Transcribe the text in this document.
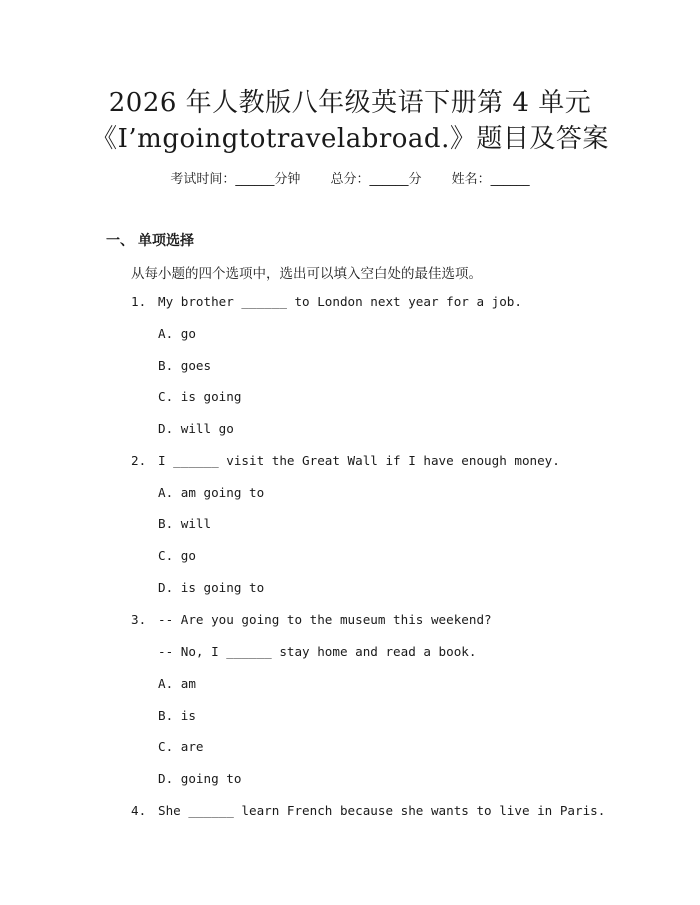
2026 年人教版八年级英语下册第 4 单元
《I’mgoingtotravelabroad.》题目及答案
考试时间：______分钟 总分：______分 姓名：______
一、 单项选择
从每小题的四个选项中，选出可以填入空白处的最佳选项。
1. My brother ______ to London next year for a job.
A. go
B. goes
C. is going
D. will go
2. I ______ visit the Great Wall if I have enough money.
A. am going to
B. will
C. go
D. is going to
3. -- Are you going to the museum this weekend?
-- No, I ______ stay home and read a book.
A. am
B. is
C. are
D. going to
4. She ______ learn French because she wants to live in Paris.
